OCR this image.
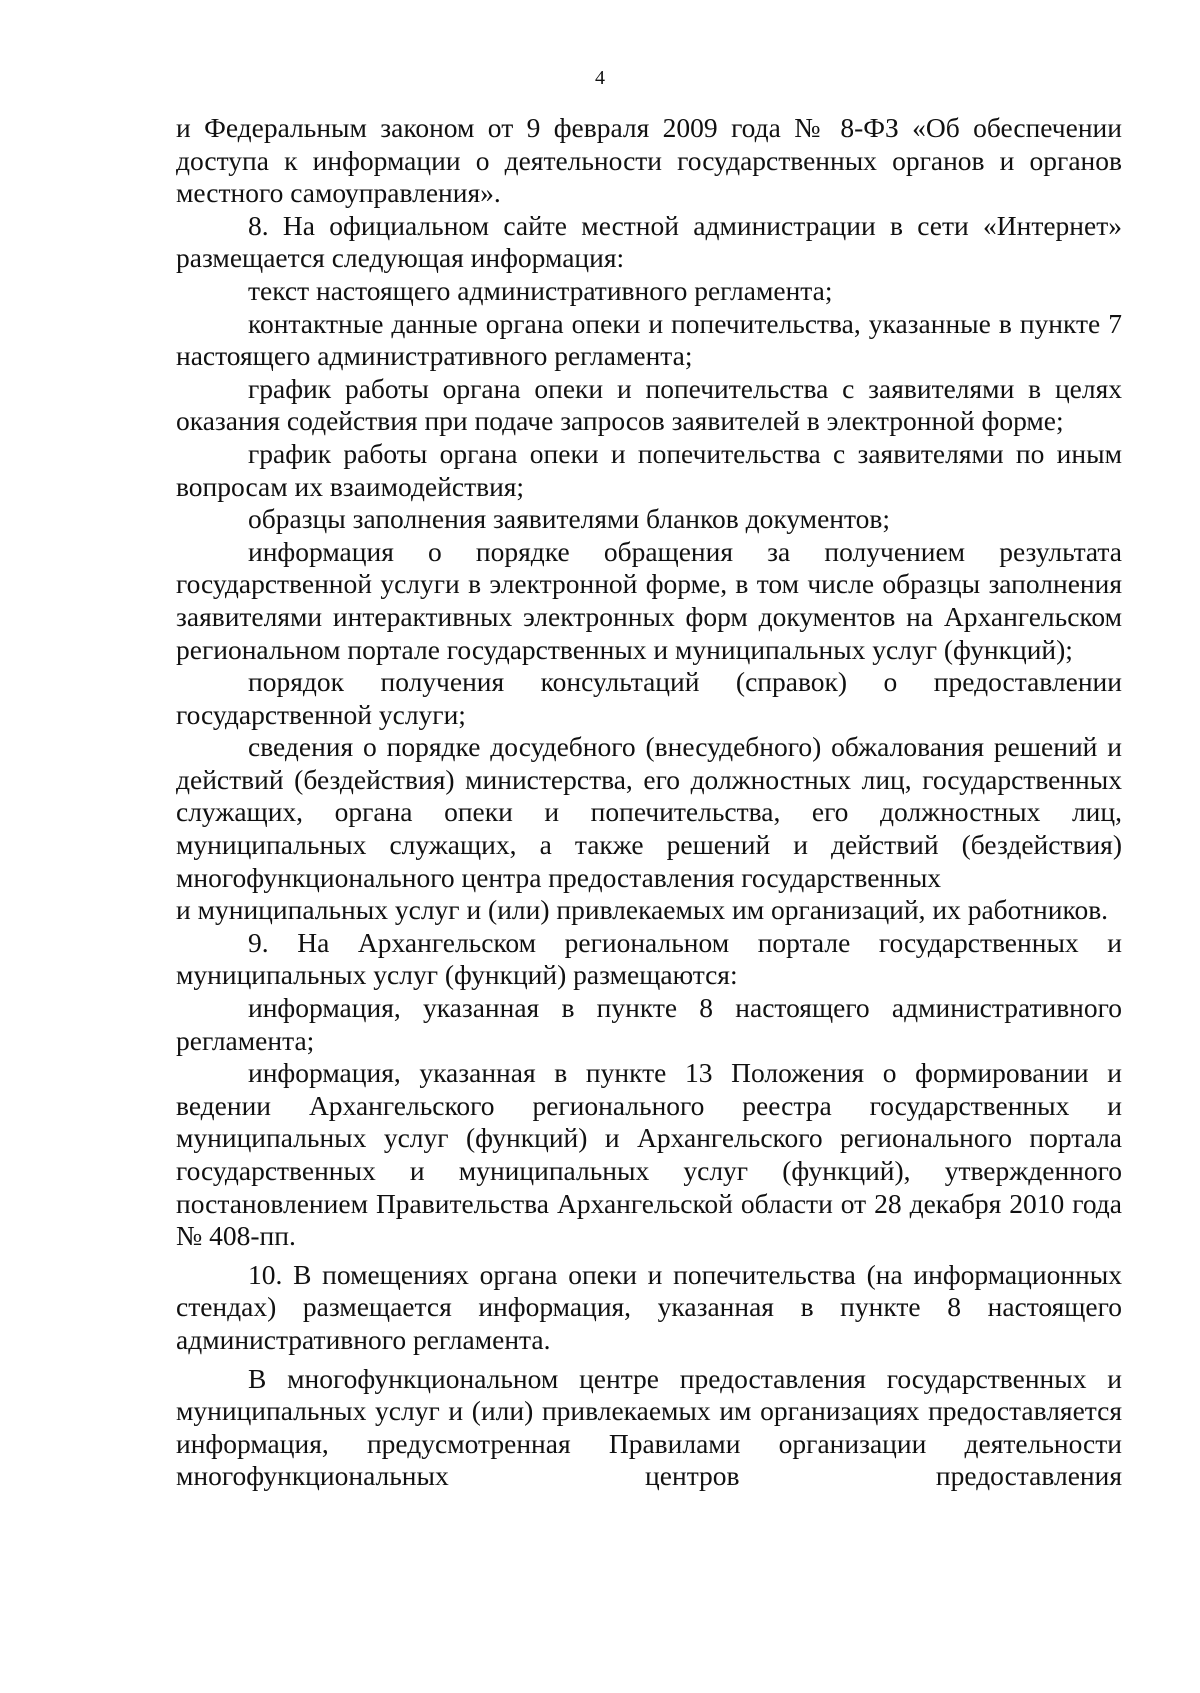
4

и Федеральным законом от 9 февраля 2009 года № 8-ФЗ «Об обеспечении доступа к информации о деятельности государственных органов и органов местного самоуправления».

8. На официальном сайте местной администрации в сети «Интернет» размещается следующая информация:

текст настоящего административного регламента;

контактные данные органа опеки и попечительства, указанные в пункте 7 настоящего административного регламента;

график работы органа опеки и попечительства с заявителями в целях оказания содействия при подаче запросов заявителей в электронной форме;

график работы органа опеки и попечительства с заявителями по иным вопросам их взаимодействия;

образцы заполнения заявителями бланков документов;

информация о порядке обращения за получением результата государственной услуги в электронной форме, в том числе образцы заполнения заявителями интерактивных электронных форм документов на Архангельском региональном портале государственных и муниципальных услуг (функций);

порядок получения консультаций (справок) о предоставлении государственной услуги;

сведения о порядке досудебного (внесудебного) обжалования решений и действий (бездействия) министерства, его должностных лиц, государственных служащих, органа опеки и попечительства, его должностных лиц, муниципальных служащих, а также решений и действий (бездействия) многофункционального центра предоставления государственных

и муниципальных услуг и (или) привлекаемых им организаций, их работников.

9. На Архангельском региональном портале государственных и муниципальных услуг (функций) размещаются:

информация, указанная в пункте 8 настоящего административного регламента;

информация, указанная в пункте 13 Положения о формировании и ведении Архангельского регионального реестра государственных и муниципальных услуг (функций) и Архангельского регионального портала государственных и муниципальных услуг (функций), утвержденного постановлением Правительства Архангельской области от 28 декабря 2010 года № 408-пп.

10. В помещениях органа опеки и попечительства (на информационных стендах) размещается информация, указанная в пункте 8 настоящего административного регламента.

В многофункциональном центре предоставления государственных и муниципальных услуг и (или) привлекаемых им организациях предоставляется информация, предусмотренная Правилами организации деятельности многофункциональных центров предоставления
